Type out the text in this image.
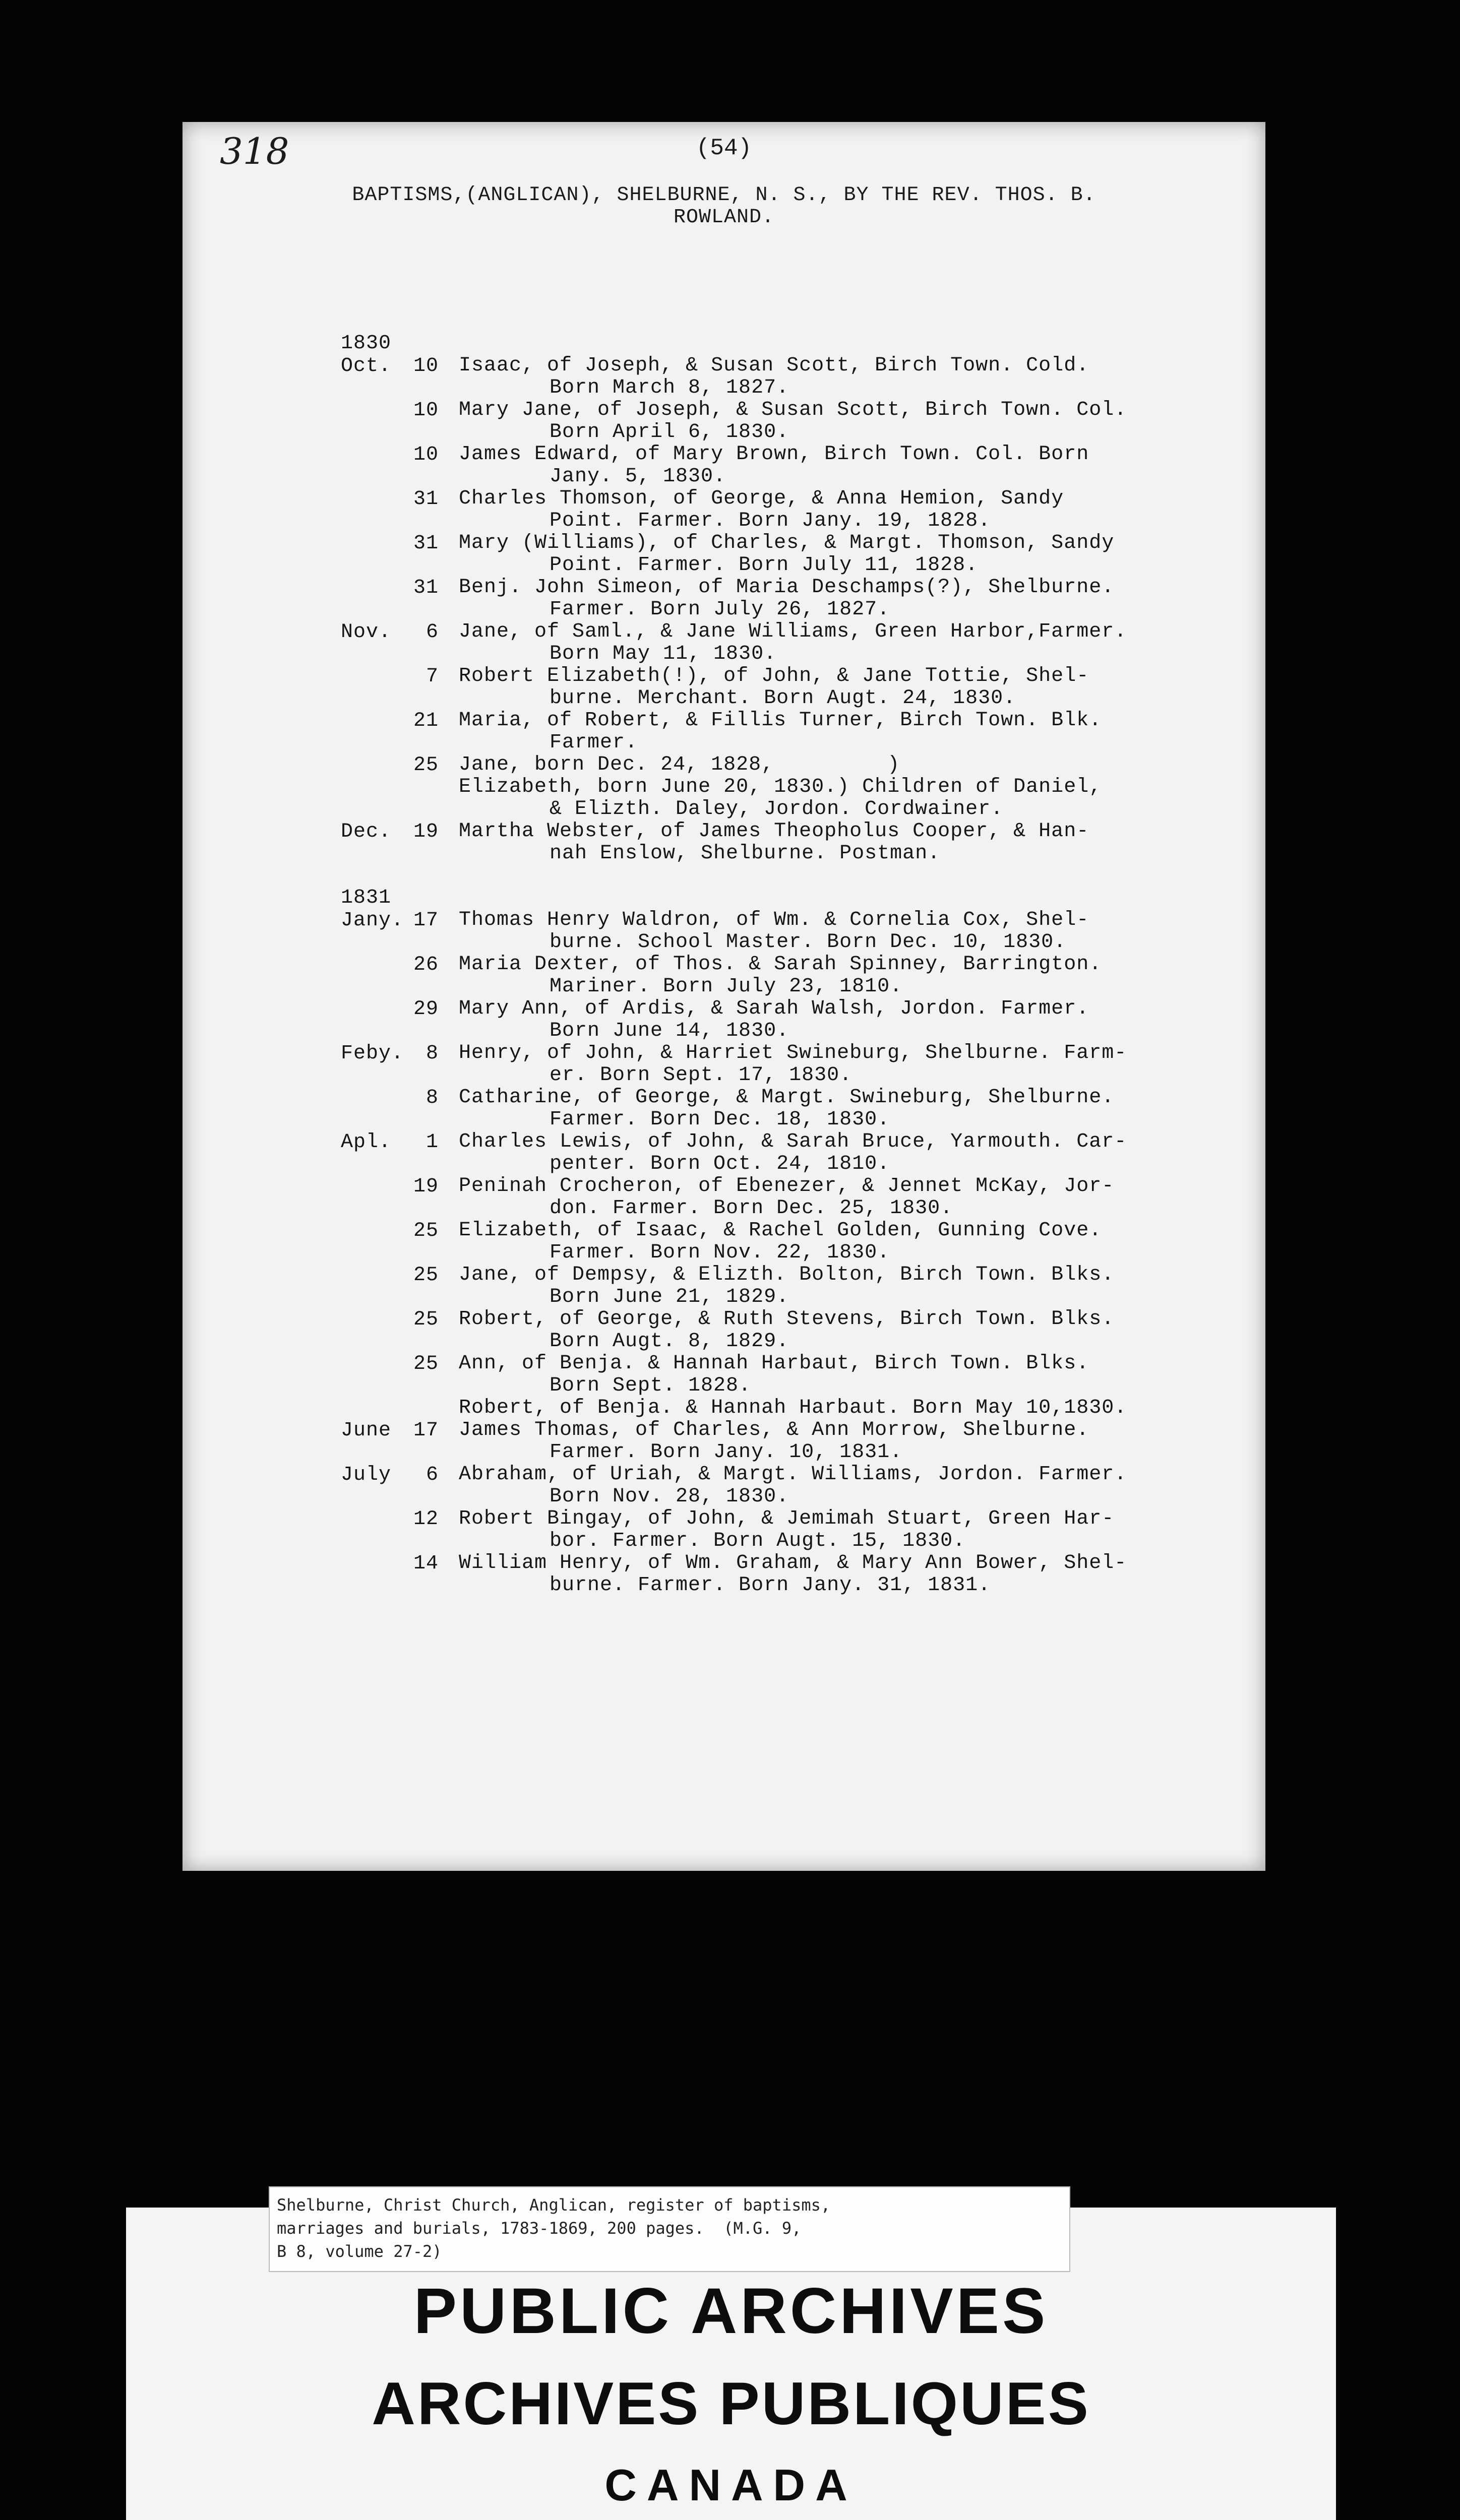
(54)
BAPTISMS,(ANGLICAN), SHELBURNE, N. S., BY THE REV. THOS. B.
ROWLAND.
1830
Oct. 10 Isaac, of Joseph, & Susan Scott, Birch Town. Cold.
Born March 8, 1827.
10 Mary Jane, of Joseph, & Susan Scott, Birch Town. Col.
Born April 6, 1830.
10 James Edward, of Mary Brown, Birch Town. Col. Born
Jany. 5, 1830.
31 Charles Thomson, of George, & Anna Hemion, Sandy
Point. Farmer. Born Jany. 19, 1828.
31 Mary (Williams), of Charles, & Margt. Thomson, Sandy
Point. Farmer. Born July 11, 1828.
31 Benj. John Simeon, of Maria Deschamps(?), Shelburne.
Farmer. Born July 26, 1827.
Nov. 6 Jane, of Saml., & Jane Williams, Green Harbor,Farmer.
Born May 11, 1830.
7 Robert Elizabeth(!), of John, & Jane Tottie, Shel-
burne. Merchant. Born Augt. 24, 1830.
21 Maria, of Robert, & Fillis Turner, Birch Town. Blk.
Farmer.
25 Jane, born Dec. 24, 1828,         )
Elizabeth, born June 20, 1830.) Children of Daniel,
& Elizth. Daley, Jordon. Cordwainer.
Dec. 19 Martha Webster, of James Theopholus Cooper, & Han-
nah Enslow, Shelburne. Postman.
1831
Jany. 17 Thomas Henry Waldron, of Wm. & Cornelia Cox, Shel-
burne. School Master. Born Dec. 10, 1830.
26 Maria Dexter, of Thos. & Sarah Spinney, Barrington.
Mariner. Born July 23, 1810.
29 Mary Ann, of Ardis, & Sarah Walsh, Jordon. Farmer.
Born June 14, 1830.
Feby. 8 Henry, of John, & Harriet Swineburg, Shelburne. Farm-
er. Born Sept. 17, 1830.
8 Catharine, of George, & Margt. Swineburg, Shelburne.
Farmer. Born Dec. 18, 1830.
Apl. 1 Charles Lewis, of John, & Sarah Bruce, Yarmouth. Car-
penter. Born Oct. 24, 1810.
19 Peninah Crocheron, of Ebenezer, & Jennet McKay, Jor-
don. Farmer. Born Dec. 25, 1830.
25 Elizabeth, of Isaac, & Rachel Golden, Gunning Cove.
Farmer. Born Nov. 22, 1830.
25 Jane, of Dempsy, & Elizth. Bolton, Birch Town. Blks.
Born June 21, 1829.
25 Robert, of George, & Ruth Stevens, Birch Town. Blks.
Born Augt. 8, 1829.
25 Ann, of Benja. & Hannah Harbaut, Birch Town. Blks.
Born Sept. 1828.
Robert, of Benja. & Hannah Harbaut. Born May 10,1830.
June 17 James Thomas, of Charles, & Ann Morrow, Shelburne.
Farmer. Born Jany. 10, 1831.
July 6 Abraham, of Uriah, & Margt. Williams, Jordon. Farmer.
Born Nov. 28, 1830.
12 Robert Bingay, of John, & Jemimah Stuart, Green Har-
bor. Farmer. Born Augt. 15, 1830.
14 William Henry, of Wm. Graham, & Mary Ann Bower, Shel-
burne. Farmer. Born Jany. 31, 1831.
318
Shelburne, Christ Church, Anglican, register of baptisms,
marriages and burials, 1783-1869, 200 pages.  (M.G. 9,
B 8, volume 27-2)
PUBLIC ARCHIVES
ARCHIVES PUBLIQUES
CANADA
